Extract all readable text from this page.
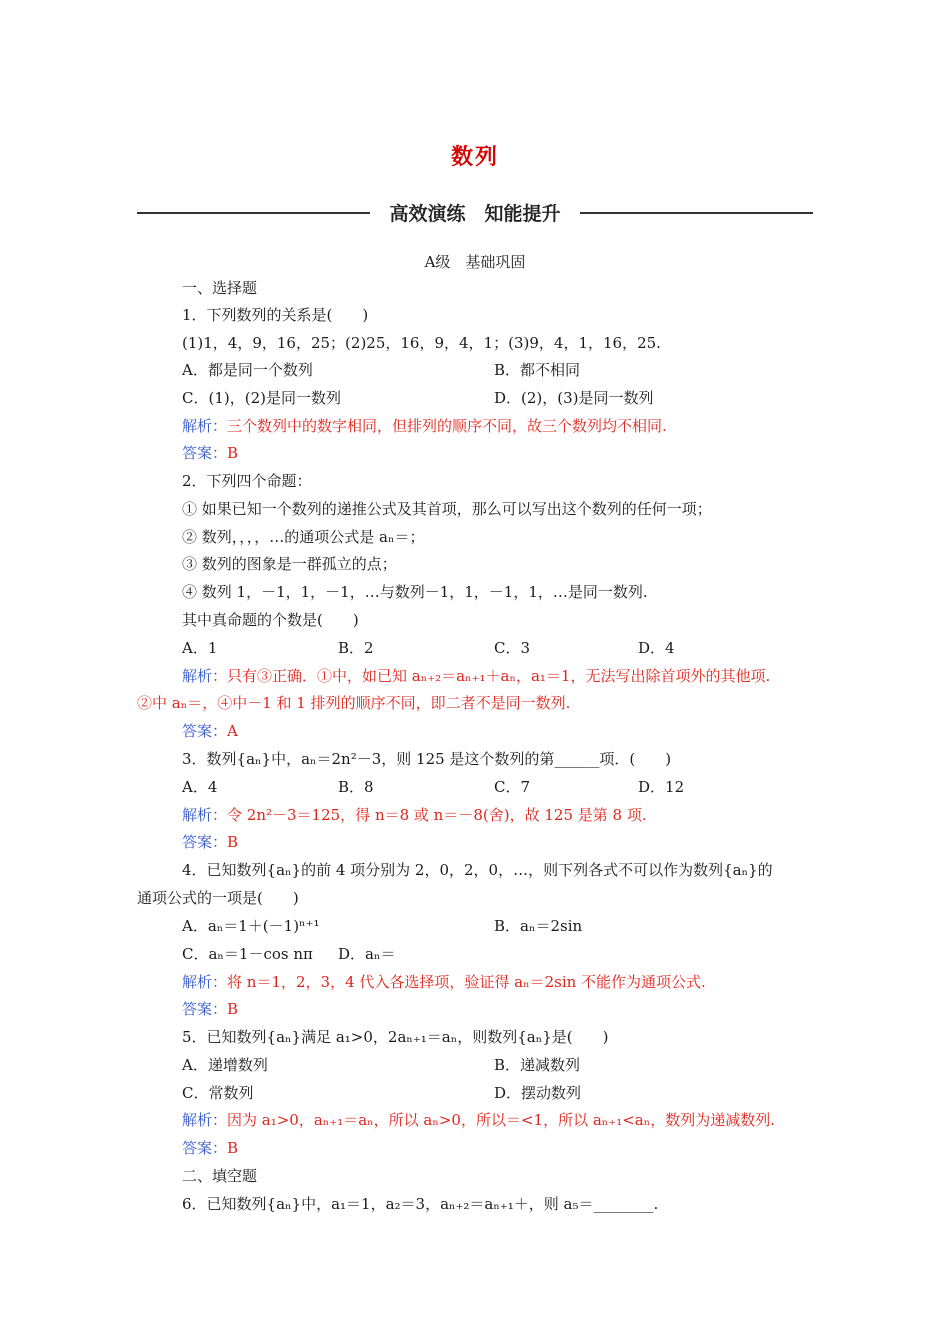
数列
高效演练　知能提升
A级　基础巩固
一、选择题
1．下列数列的关系是(　　)
(1)1，4，9，16，25；(2)25，16，9，4，1；(3)9，4，1，16，25.
A．都是同一个数列	B．都不相同
C．(1)，(2)是同一数列	D．(2)，(3)是同一数列
解析：三个数列中的数字相同，但排列的顺序不同，故三个数列均不相同.
答案：B
2．下列四个命题：
① 如果已知一个数列的递推公式及其首项，那么可以写出这个数列的任何一项；
② 数列，，，，…的通项公式是 aₙ＝；
③ 数列的图象是一群孤立的点；
④ 数列 1，－1，1，－1，…与数列－1，1，－1，1，…是同一数列.
其中真命题的个数是(　　)
A．1	B．2	C．3	D．4
解析：只有③正确．①中，如已知 aₙ₊₂＝aₙ₊₁＋aₙ，a₁＝1，无法写出除首项外的其他项.
②中 aₙ＝，④中－1 和 1 排列的顺序不同，即二者不是同一数列.
答案：A
3．数列{aₙ}中，aₙ＝2n²－3，则 125 是这个数列的第______项．(　　)
A．4	B．8	C．7	D．12
解析：令 2n²－3＝125，得 n＝8 或 n＝－8(舍)，故 125 是第 8 项.
答案：B
4．已知数列{aₙ}的前 4 项分别为 2，0，2，0，…，则下列各式不可以作为数列{aₙ}的
通项公式的一项是(　　)
A．aₙ＝1＋(－1)ⁿ⁺¹	B．aₙ＝2sin
C．aₙ＝1－cos nπ D．aₙ＝
解析：将 n＝1，2，3，4 代入各选择项，验证得 aₙ＝2sin 不能作为通项公式.
答案：B
5．已知数列{aₙ}满足 a₁>0，2aₙ₊₁＝aₙ，则数列{aₙ}是(　　)
A．递增数列	B．递减数列
C．常数列	D．摆动数列
解析：因为 a₁>0，aₙ₊₁＝aₙ，所以 aₙ>0，所以＝<1，所以 aₙ₊₁<aₙ，数列为递减数列.
答案：B
二、填空题
6．已知数列{aₙ}中，a₁＝1，a₂＝3，aₙ₊₂＝aₙ₊₁＋，则 a₅＝________.
